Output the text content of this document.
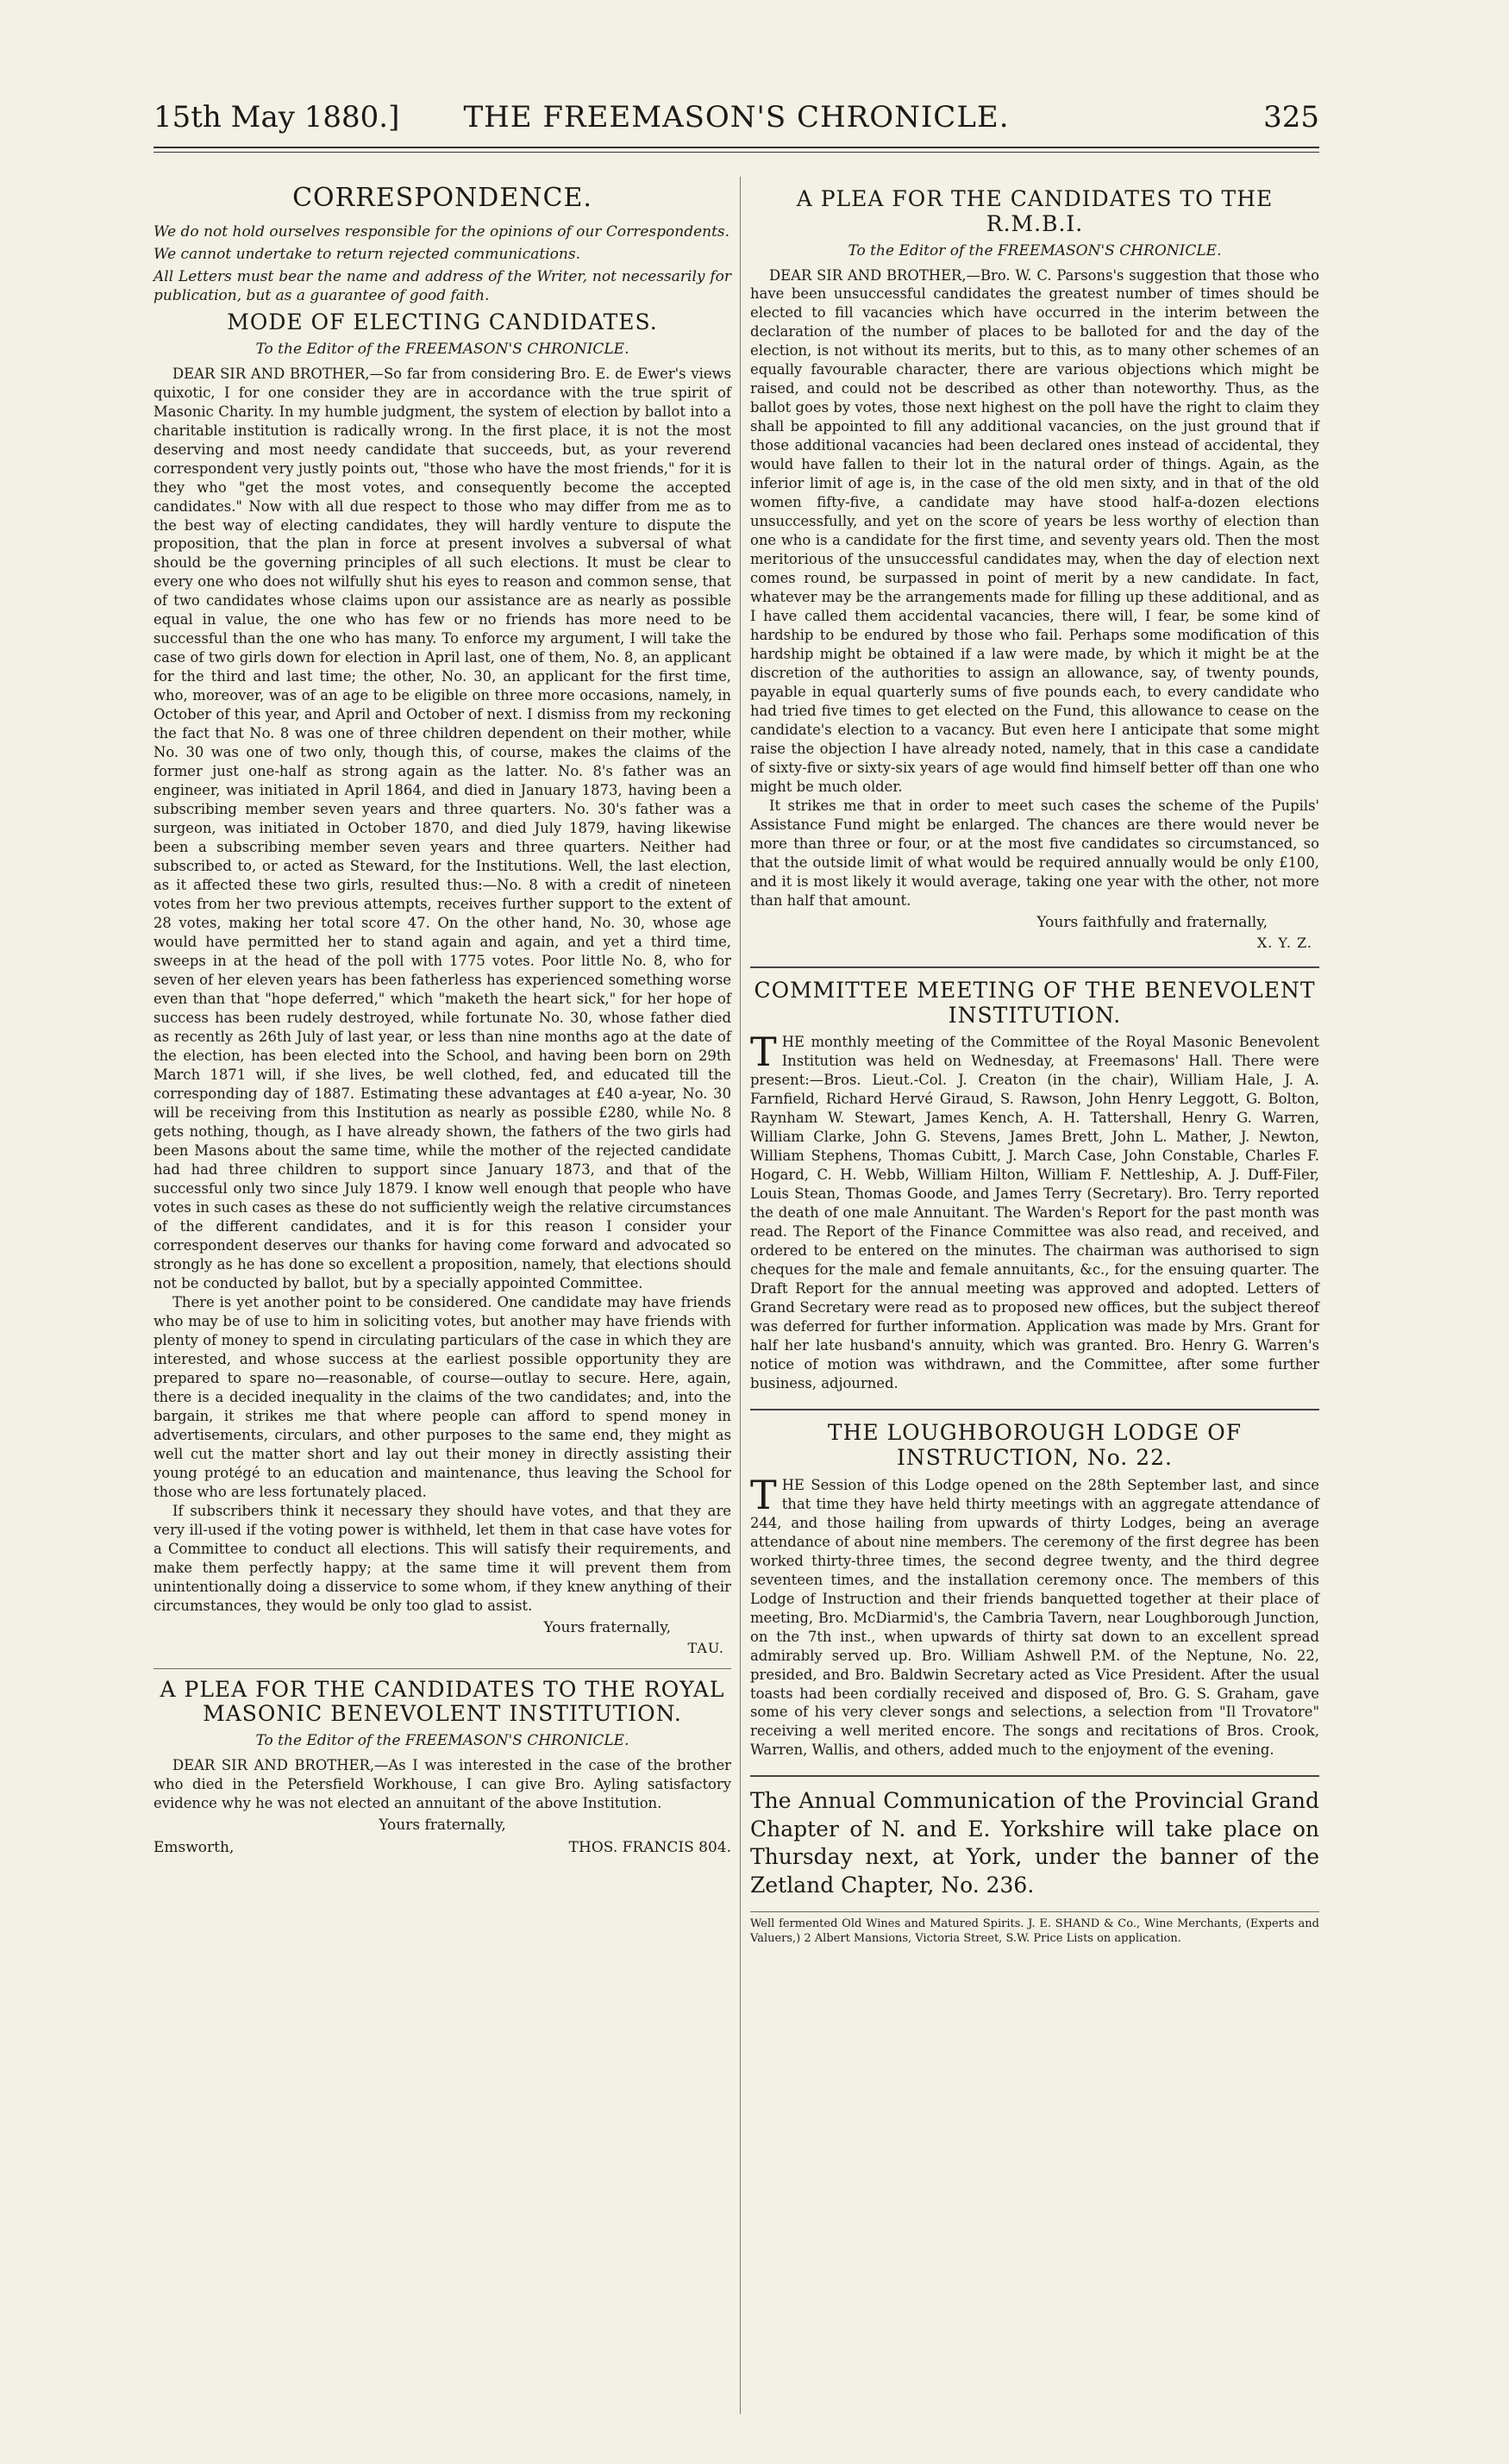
15th May 1880.]	THE FREEMASON'S CHRONICLE.	325
CORRESPONDENCE.

We do not hold ourselves responsible for the opinions of our Correspondents.

We cannot undertake to return rejected communications.

All Letters must bear the name and address of the Writer, not necessarily for publication, but as a guarantee of good faith.

MODE OF ELECTING CANDIDATES.

To the Editor of the FREEMASON'S CHRONICLE.

DEAR SIR AND BROTHER,—So far from considering Bro. E. de Ewer's views quixotic, I for one consider they are in accordance with the true spirit of Masonic Charity. In my humble judgment, the system of election by ballot into a charitable institution is radically wrong. In the first place, it is not the most deserving and most needy candidate that succeeds, but, as your reverend correspondent very justly points out, "those who have the most friends," for it is they who "get the most votes, and consequently become the accepted candidates." Now with all due respect to those who may differ from me as to the best way of electing candidates, they will hardly venture to dispute the proposition, that the plan in force at present involves a subversal of what should be the governing principles of all such elections. It must be clear to every one who does not wilfully shut his eyes to reason and common sense, that of two candidates whose claims upon our assistance are as nearly as possible equal in value, the one who has few or no friends has more need to be successful than the one who has many. To enforce my argument, I will take the case of two girls down for election in April last, one of them, No. 8, an applicant for the third and last time; the other, No. 30, an applicant for the first time, who, moreover, was of an age to be eligible on three more occasions, namely, in October of this year, and April and October of next. I dismiss from my reckoning the fact that No. 8 was one of three children dependent on their mother, while No. 30 was one of two only, though this, of course, makes the claims of the former just one-half as strong again as the latter. No. 8's father was an engineer, was initiated in April 1864, and died in January 1873, having been a subscribing member seven years and three quarters. No. 30's father was a surgeon, was initiated in October 1870, and died July 1879, having likewise been a subscribing member seven years and three quarters. Neither had subscribed to, or acted as Steward, for the Institutions. Well, the last election, as it affected these two girls, resulted thus:—No. 8 with a credit of nineteen votes from her two previous attempts, receives further support to the extent of 28 votes, making her total score 47. On the other hand, No. 30, whose age would have permitted her to stand again and again, and yet a third time, sweeps in at the head of the poll with 1775 votes. Poor little No. 8, who for seven of her eleven years has been fatherless has experienced something worse even than that "hope deferred," which "maketh the heart sick," for her hope of success has been rudely destroyed, while fortunate No. 30, whose father died as recently as 26th July of last year, or less than nine months ago at the date of the election, has been elected into the School, and having been born on 29th March 1871 will, if she lives, be well clothed, fed, and educated till the corresponding day of 1887. Estimating these advantages at £40 a-year, No. 30 will be receiving from this Institution as nearly as possible £280, while No. 8 gets nothing, though, as I have already shown, the fathers of the two girls had been Masons about the same time, while the mother of the rejected candidate had had three children to support since January 1873, and that of the successful only two since July 1879. I know well enough that people who have votes in such cases as these do not sufficiently weigh the relative circumstances of the different candidates, and it is for this reason I consider your correspondent deserves our thanks for having come forward and advocated so strongly as he has done so excellent a proposition, namely, that elections should not be conducted by ballot, but by a specially appointed Committee.

There is yet another point to be considered. One candidate may have friends who may be of use to him in soliciting votes, but another may have friends with plenty of money to spend in circulating particulars of the case in which they are interested, and whose success at the earliest possible opportunity they are prepared to spare no—reasonable, of course—outlay to secure. Here, again, there is a decided inequality in the claims of the two candidates; and, into the bargain, it strikes me that where people can afford to spend money in advertisements, circulars, and other purposes to the same end, they might as well cut the matter short and lay out their money in directly assisting their young protégé to an education and maintenance, thus leaving the School for those who are less fortunately placed.

If subscribers think it necessary they should have votes, and that they are very ill-used if the voting power is withheld, let them in that case have votes for a Committee to conduct all elections. This will satisfy their requirements, and make them perfectly happy; at the same time it will prevent them from unintentionally doing a disservice to some whom, if they knew anything of their circumstances, they would be only too glad to assist.

Yours fraternally,

TAU.

A PLEA FOR THE CANDIDATES TO THE ROYAL MASONIC BENEVOLENT INSTITUTION.

To the Editor of the FREEMASON'S CHRONICLE.

DEAR SIR AND BROTHER,—As I was interested in the case of the brother who died in the Petersfield Workhouse, I can give Bro. Ayling satisfactory evidence why he was not elected an annuitant of the above Institution.

Yours fraternally,

Emsworth,	THOS. FRANCIS 804.
A PLEA FOR THE CANDIDATES TO THE R.M.B.I.

To the Editor of the FREEMASON'S CHRONICLE.

DEAR SIR AND BROTHER,—Bro. W. C. Parsons's suggestion that those who have been unsuccessful candidates the greatest number of times should be elected to fill vacancies which have occurred in the interim between the declaration of the number of places to be balloted for and the day of the election, is not without its merits, but to this, as to many other schemes of an equally favourable character, there are various objections which might be raised, and could not be described as other than noteworthy. Thus, as the ballot goes by votes, those next highest on the poll have the right to claim they shall be appointed to fill any additional vacancies, on the just ground that if those additional vacancies had been declared ones instead of accidental, they would have fallen to their lot in the natural order of things. Again, as the inferior limit of age is, in the case of the old men sixty, and in that of the old women fifty-five, a candidate may have stood half-a-dozen elections unsuccessfully, and yet on the score of years be less worthy of election than one who is a candidate for the first time, and seventy years old. Then the most meritorious of the unsuccessful candidates may, when the day of election next comes round, be surpassed in point of merit by a new candidate. In fact, whatever may be the arrangements made for filling up these additional, and as I have called them accidental vacancies, there will, I fear, be some kind of hardship to be endured by those who fail. Perhaps some modification of this hardship might be obtained if a law were made, by which it might be at the discretion of the authorities to assign an allowance, say, of twenty pounds, payable in equal quarterly sums of five pounds each, to every candidate who had tried five times to get elected on the Fund, this allowance to cease on the candidate's election to a vacancy. But even here I anticipate that some might raise the objection I have already noted, namely, that in this case a candidate of sixty-five or sixty-six years of age would find himself better off than one who might be much older.

It strikes me that in order to meet such cases the scheme of the Pupils' Assistance Fund might be enlarged. The chances are there would never be more than three or four, or at the most five candidates so circumstanced, so that the outside limit of what would be required annually would be only £100, and it is most likely it would average, taking one year with the other, not more than half that amount.

Yours faithfully and fraternally,

X. Y. Z.

COMMITTEE MEETING OF THE BENEVOLENT INSTITUTION.

THE monthly meeting of the Committee of the Royal Masonic Benevolent Institution was held on Wednesday, at Freemasons' Hall. There were present:—Bros. Lieut.-Col. J. Creaton (in the chair), William Hale, J. A. Farnfield, Richard Hervé Giraud, S. Rawson, John Henry Leggott, G. Bolton, Raynham W. Stewart, James Kench, A. H. Tattershall, Henry G. Warren, William Clarke, John G. Stevens, James Brett, John L. Mather, J. Newton, William Stephens, Thomas Cubitt, J. March Case, John Constable, Charles F. Hogard, C. H. Webb, William Hilton, William F. Nettleship, A. J. Duff-Filer, Louis Stean, Thomas Goode, and James Terry (Secretary). Bro. Terry reported the death of one male Annuitant. The Warden's Report for the past month was read. The Report of the Finance Committee was also read, and received, and ordered to be entered on the minutes. The chairman was authorised to sign cheques for the male and female annuitants, &c., for the ensuing quarter. The Draft Report for the annual meeting was approved and adopted. Letters of Grand Secretary were read as to proposed new offices, but the subject thereof was deferred for further information. Application was made by Mrs. Grant for half her late husband's annuity, which was granted. Bro. Henry G. Warren's notice of motion was withdrawn, and the Committee, after some further business, adjourned.

THE LOUGHBOROUGH LODGE OF INSTRUCTION, No. 22.

THE Session of this Lodge opened on the 28th September last, and since that time they have held thirty meetings with an aggregate attendance of 244, and those hailing from upwards of thirty Lodges, being an average attendance of about nine members. The ceremony of the first degree has been worked thirty-three times, the second degree twenty, and the third degree seventeen times, and the installation ceremony once. The members of this Lodge of Instruction and their friends banquetted together at their place of meeting, Bro. McDiarmid's, the Cambria Tavern, near Loughborough Junction, on the 7th inst., when upwards of thirty sat down to an excellent spread admirably served up. Bro. William Ashwell P.M. of the Neptune, No. 22, presided, and Bro. Baldwin Secretary acted as Vice President. After the usual toasts had been cordially received and disposed of, Bro. G. S. Graham, gave some of his very clever songs and selections, a selection from "Il Trovatore" receiving a well merited encore. The songs and recitations of Bros. Crook, Warren, Wallis, and others, added much to the enjoyment of the evening.

The Annual Communication of the Provincial Grand Chapter of N. and E. Yorkshire will take place on Thursday next, at York, under the banner of the Zetland Chapter, No. 236.

Well fermented Old Wines and Matured Spirits. J. E. SHAND & Co., Wine Merchants, (Experts and Valuers,) 2 Albert Mansions, Victoria Street, S.W. Price Lists on application.
